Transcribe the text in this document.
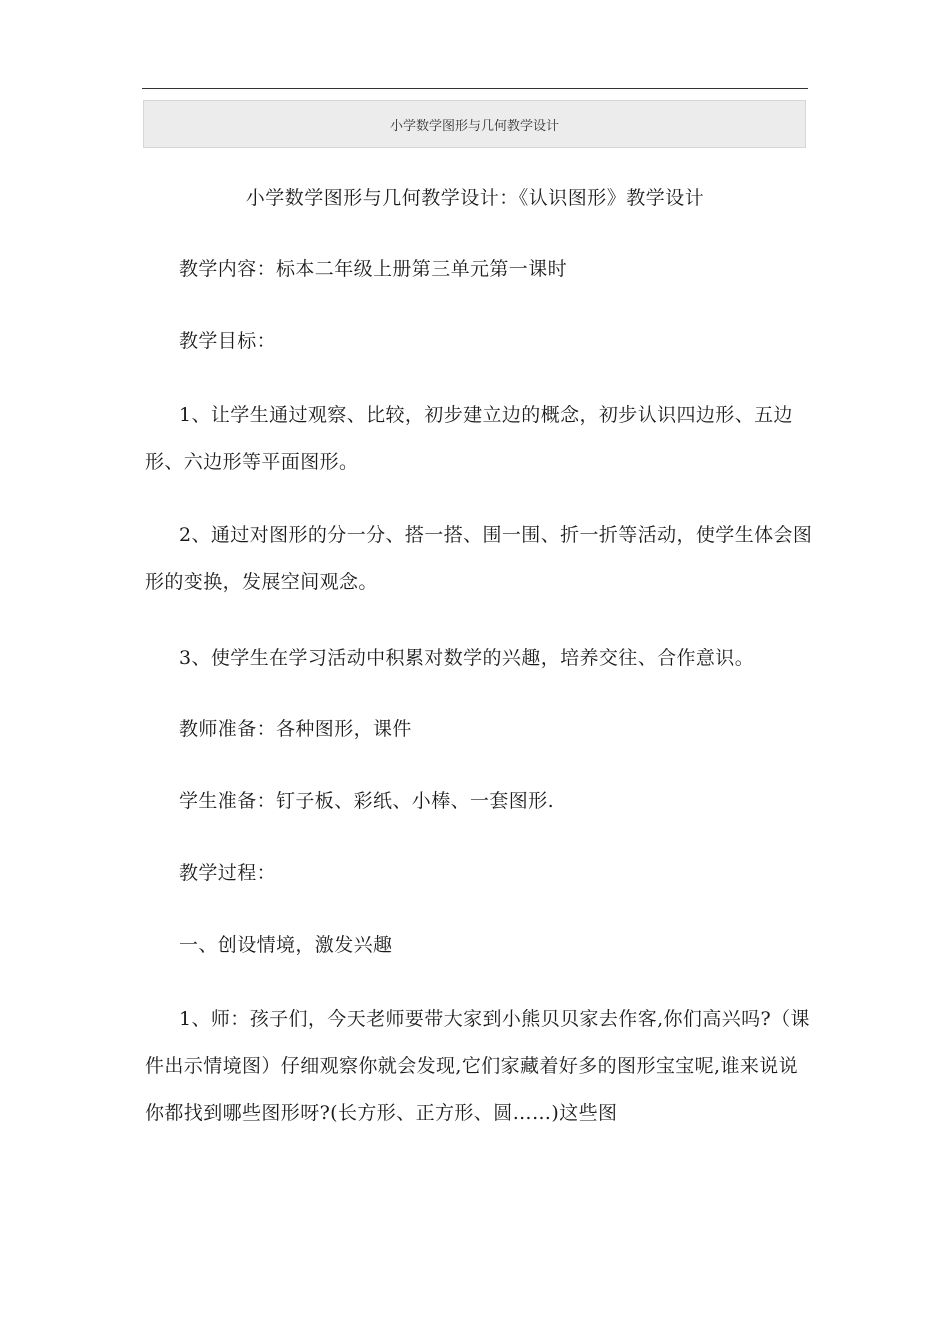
小学数学图形与几何教学设计
小学数学图形与几何教学设计：《认识图形》教学设计

教学内容：标本二年级上册第三单元第一课时

教学目标：

1、让学生通过观察、比较，初步建立边的概念，初步认识四边形、五边形、六边形等平面图形。

2、通过对图形的分一分、搭一搭、围一围、折一折等活动，使学生体会图形的变换，发展空间观念。

3、使学生在学习活动中积累对数学的兴趣，培养交往、合作意识。

教师准备：各种图形，课件

学生准备：钉子板、彩纸、小棒、一套图形.

教学过程：

一、创设情境，激发兴趣

1、师：孩子们，今天老师要带大家到小熊贝贝家去作客,你们高兴吗?（课件出示情境图）仔细观察你就会发现,它们家藏着好多的图形宝宝呢,谁来说说你都找到哪些图形呀?(长方形、正方形、圆……)这些图
